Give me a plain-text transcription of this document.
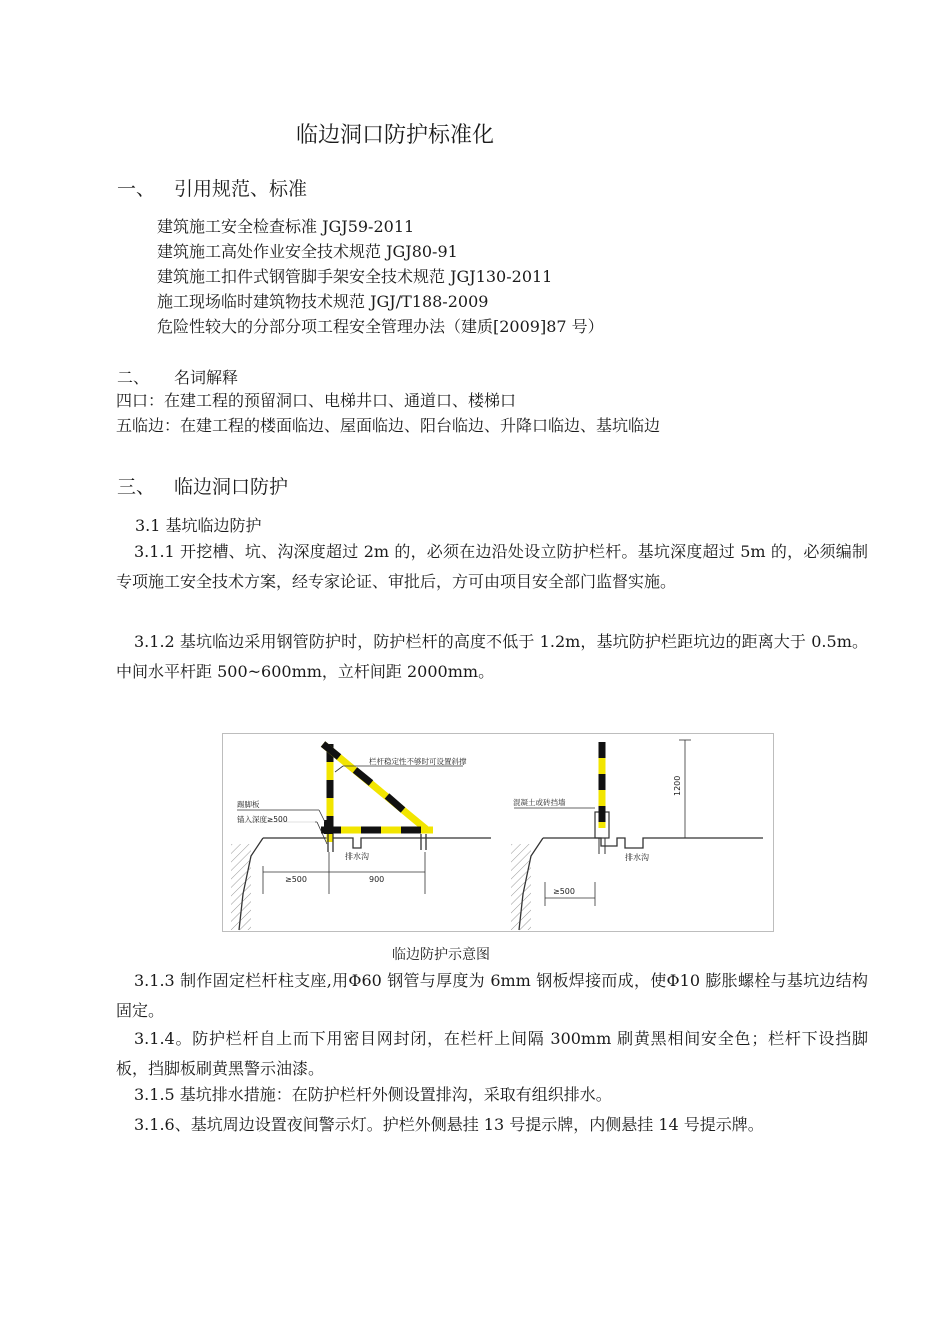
临边洞口防护标准化
一、 引用规范、标准
建筑施工安全检查标准 JGJ59-2011
建筑施工高处作业安全技术规范 JGJ80-91
建筑施工扣件式钢管脚手架安全技术规范 JGJ130-2011
施工现场临时建筑物技术规范 JGJ/T188-2009
危险性较大的分部分项工程安全管理办法（建质[2009]87 号）
二、 名词解释
四口：在建工程的预留洞口、电梯井口、通道口、楼梯口
五临边：在建工程的楼面临边、屋面临边、阳台临边、升降口临边、基坑临边
三、 临边洞口防护
3.1 基坑临边防护
3.1.1 开挖槽、坑、沟深度超过 2m 的，必须在边沿处设立防护栏杆。基坑深度超过 5m 的，必须编制专项施工安全技术方案，经专家论证、审批后，方可由项目安全部门监督实施。
3.1.2 基坑临边采用钢管防护时，防护栏杆的高度不低于 1.2m，基坑防护栏距坑边的距离大于 0.5m。中间水平杆距 500~600mm，立杆间距 2000mm。
栏杆稳定性不够时可设置斜撑
踢脚板
锚入深度≥500
排水沟
≥500	900
混凝土或砖挡墙
1200
排水沟
≥500
临边防护示意图
3.1.3 制作固定栏杆柱支座,用Φ60 钢管与厚度为 6mm 钢板焊接而成，使Φ10 膨胀螺栓与基坑边结构固定。
3.1.4。防护栏杆自上而下用密目网封闭，在栏杆上间隔 300mm 刷黄黑相间安全色；栏杆下设挡脚板，挡脚板刷黄黑警示油漆。
3.1.5 基坑排水措施：在防护栏杆外侧设置排沟，采取有组织排水。
3.1.6、基坑周边设置夜间警示灯。护栏外侧悬挂 13 号提示牌，内侧悬挂 14 号提示牌。
